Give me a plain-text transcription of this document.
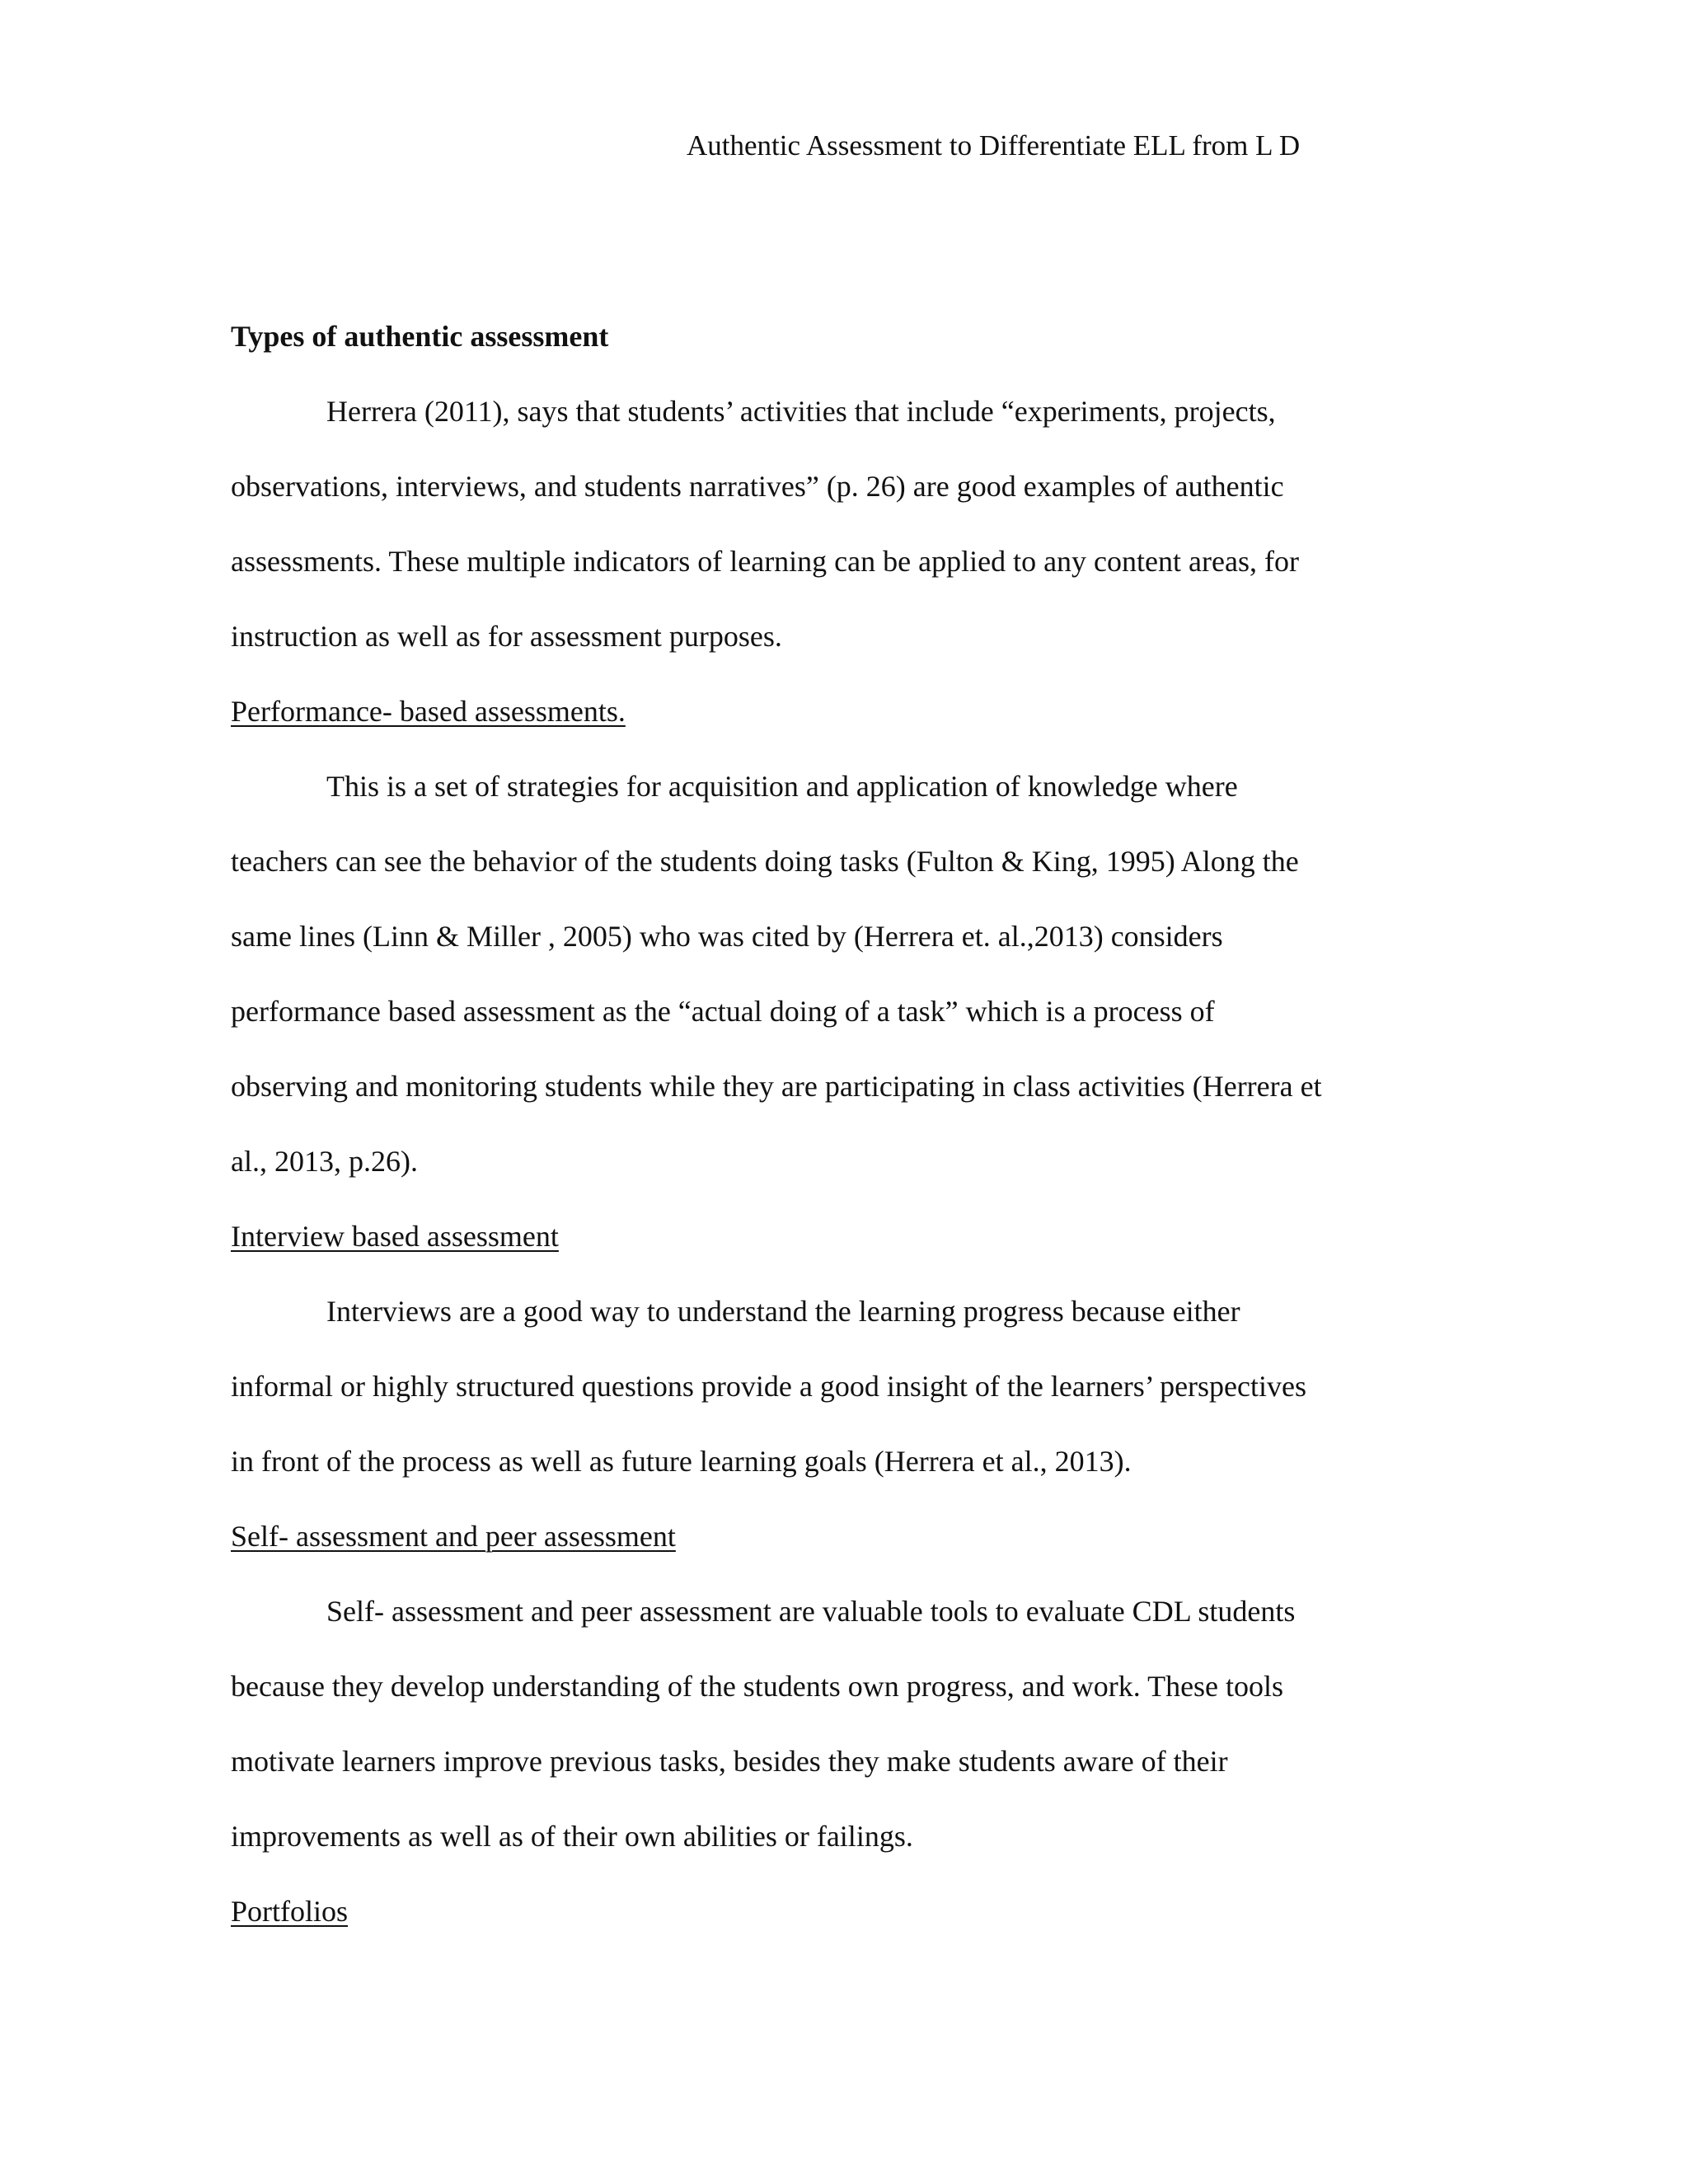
Authentic Assessment to Differentiate ELL from L D
Types of authentic assessment
Herrera (2011), says that students’ activities that include “experiments, projects,
observations, interviews, and students narratives” (p. 26) are good examples of authentic
assessments. These multiple indicators of learning can be applied to any content areas, for
instruction as well as for assessment purposes.
Performance- based assessments.
This is a set of strategies for acquisition and application of knowledge where
teachers can see the behavior of the students doing tasks (Fulton & King, 1995) Along the
same lines (Linn & Miller , 2005) who was cited by (Herrera et. al.,2013) considers
performance based assessment as the “actual doing of a task” which is a process of
observing and monitoring students while they are participating in class activities (Herrera et
al., 2013, p.26).
Interview based assessment
Interviews are a good way to understand the learning progress because either
informal or highly structured questions provide a good insight of the learners’ perspectives
in front of the process as well as future learning goals (Herrera et al., 2013).
Self- assessment and peer assessment
Self- assessment and peer assessment are valuable tools to evaluate CDL students
because they develop understanding of the students own progress, and work. These tools
motivate learners improve previous tasks, besides they make students aware of their
improvements as well as of their own abilities or failings.
Portfolios
